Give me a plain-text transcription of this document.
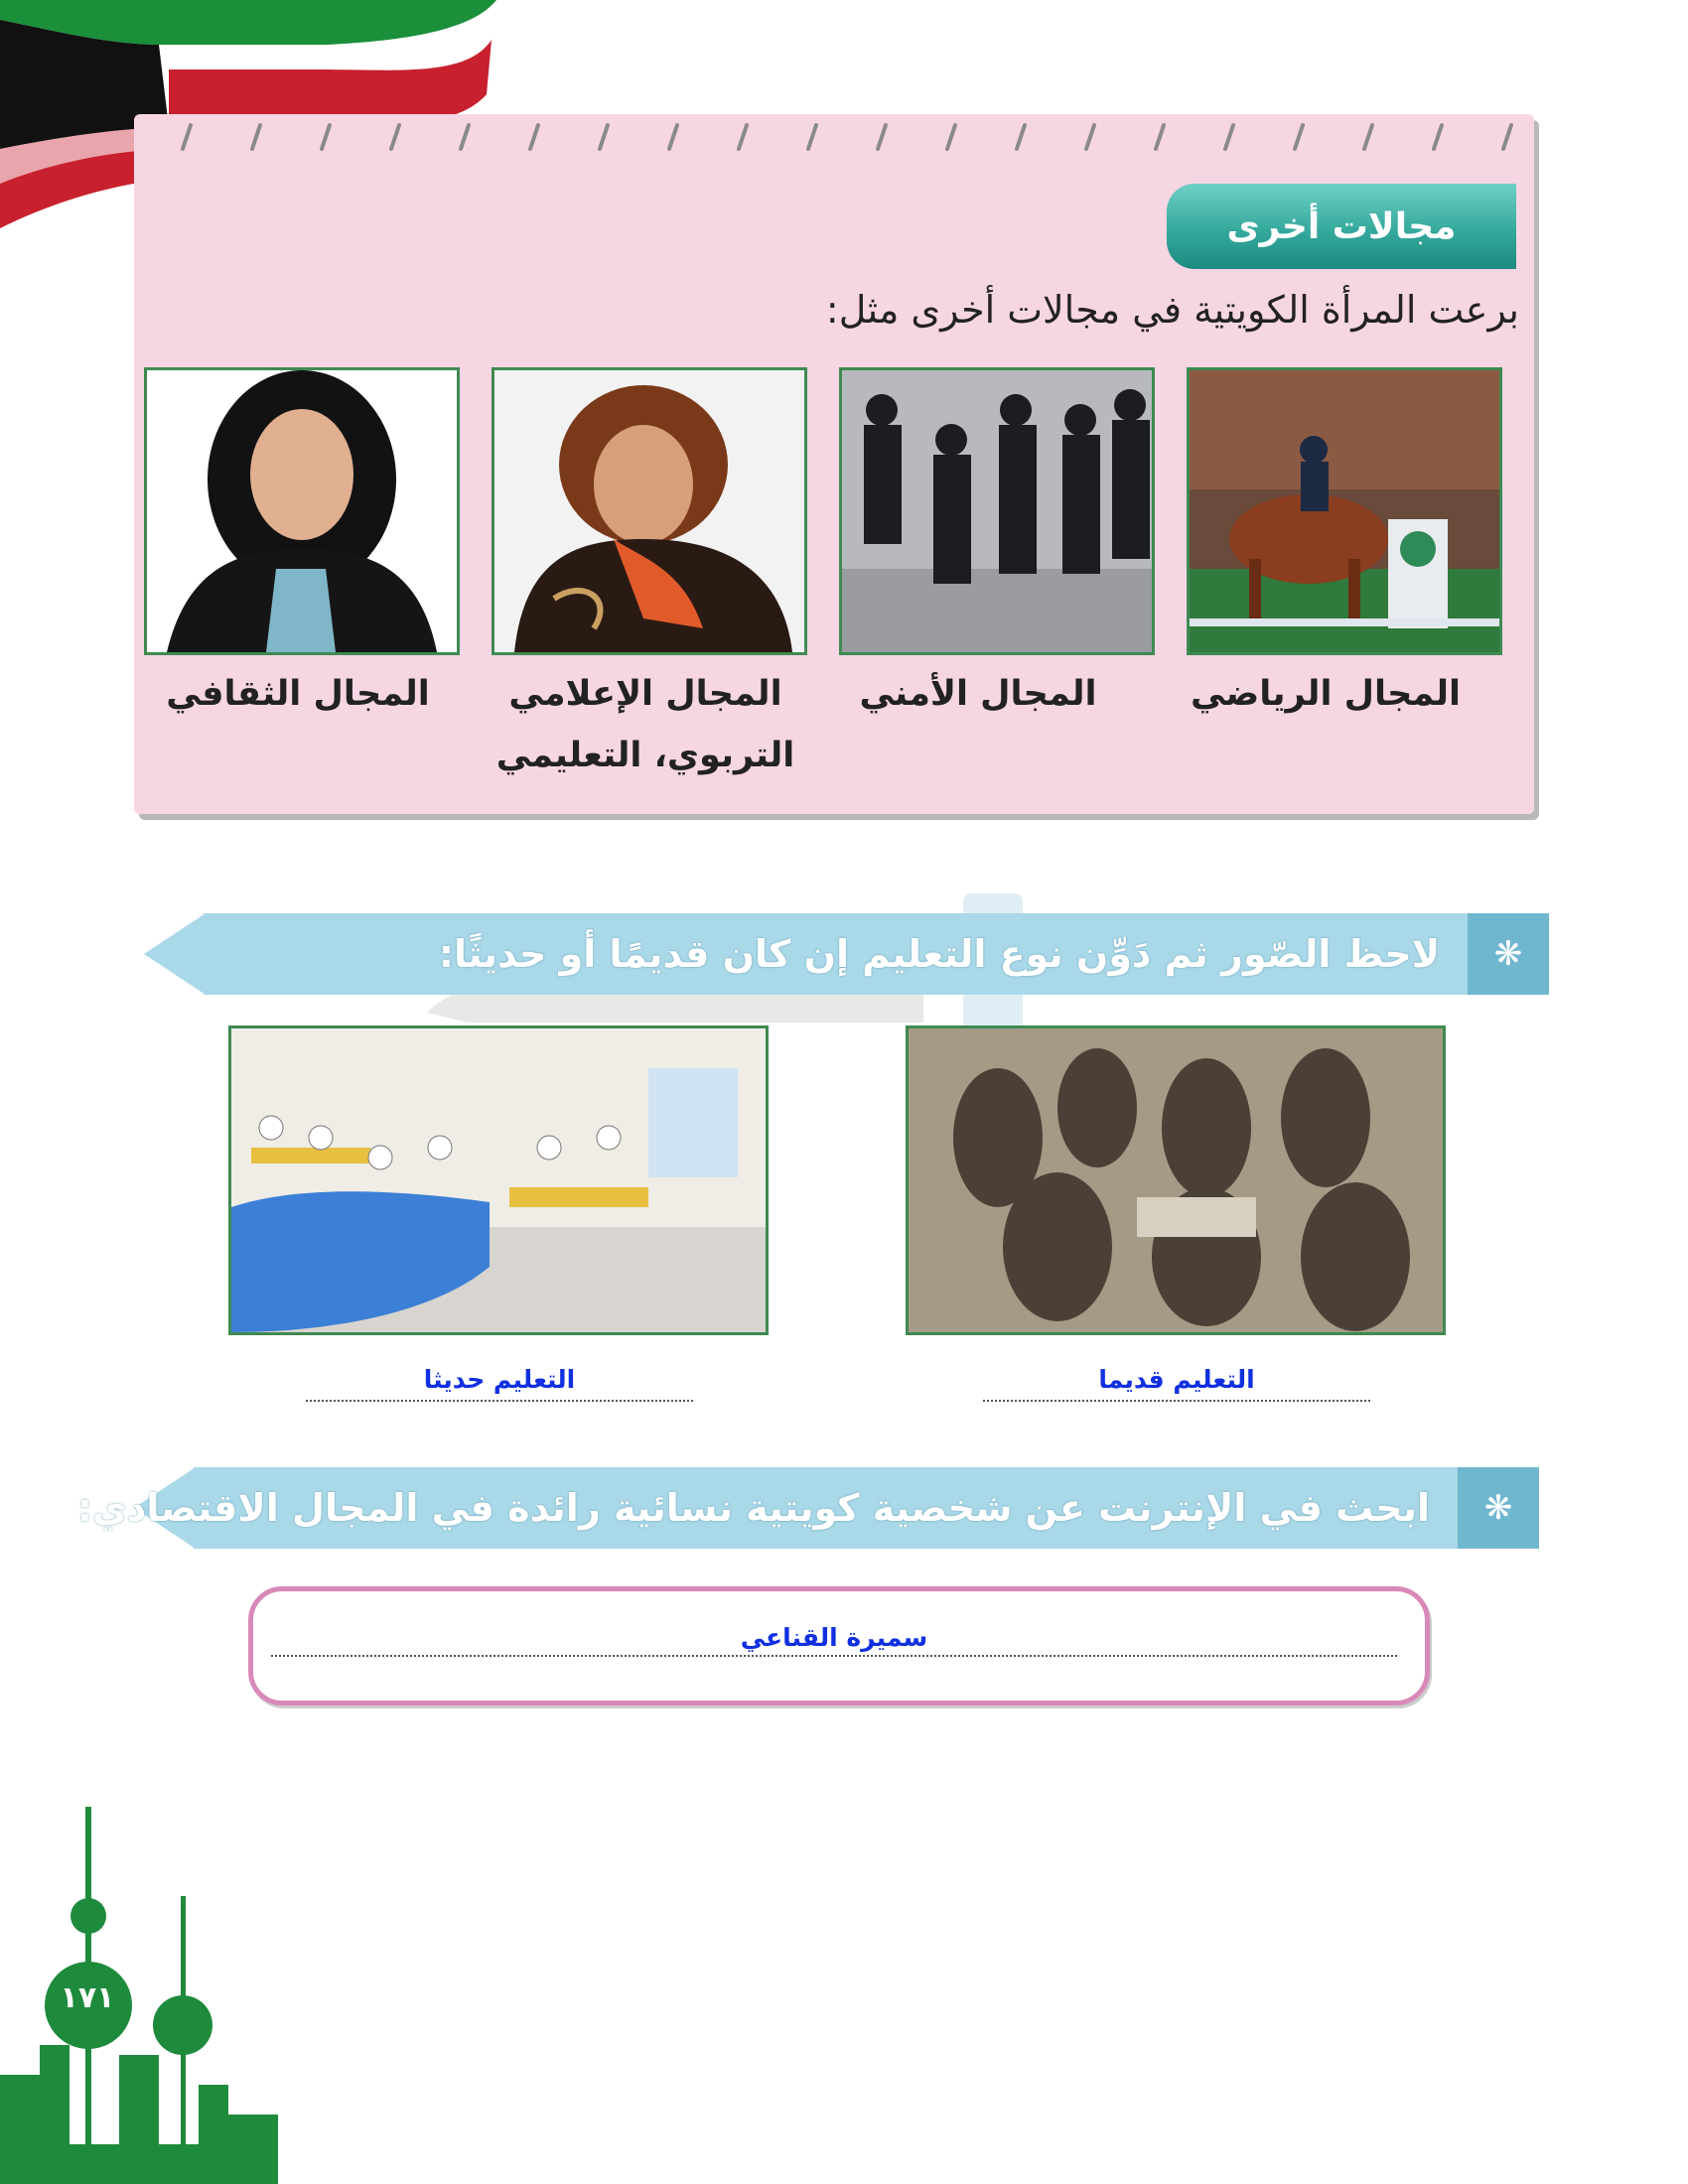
مجالات أخرى
برعت المرأة الكويتية في مجالات أخرى مثل:
المجال الرياضي
المجال الأمني
المجال الإعلامي التربوي، التعليمي
المجال الثقافي
❋
لاحظ الصّور ثم دَوِّن نوع التعليم إن كان قديمًا أو حديثًا:
التعليم قديما
التعليم حديثا
❋
ابحث في الإنترنت عن شخصية كويتية نسائية رائدة في المجال الاقتصادي:
سميرة القناعي
١٧١
